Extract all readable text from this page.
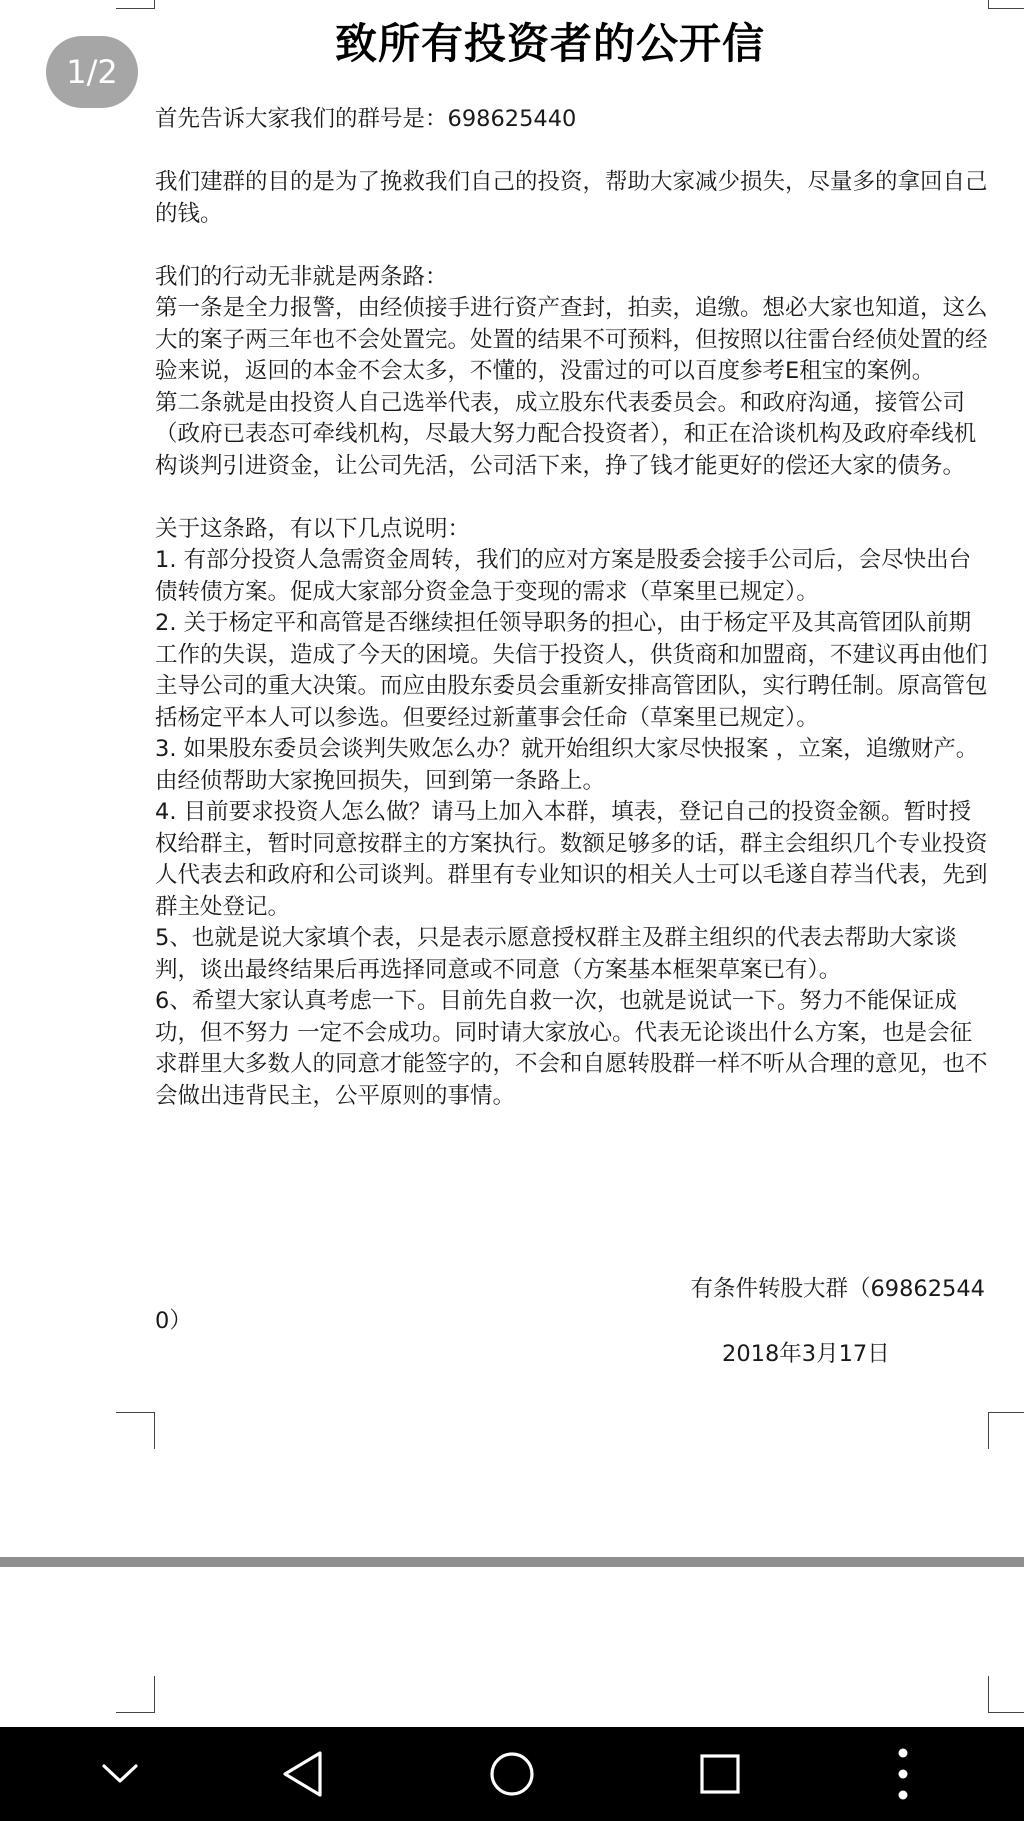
致所有投资者的公开信

首先告诉大家我们的群号是：698625440

我们建群的目的是为了挽救我们自己的投资，帮助大家减少损失，尽量多的拿回自己的钱。

我们的行动无非就是两条路：

第一条是全力报警，由经侦接手进行资产查封，拍卖，追缴。想必大家也知道，这么大的案子两三年也不会处置完。处置的结果不可预料，但按照以往雷台经侦处置的经验来说，返回的本金不会太多，不懂的，没雷过的可以百度参考E租宝的案例。

第二条就是由投资人自己选举代表，成立股东代表委员会。和政府沟通，接管公司（政府已表态可牵线机构，尽最大努力配合投资者），和正在洽谈机构及政府牵线机构谈判引进资金，让公司先活，公司活下来，挣了钱才能更好的偿还大家的债务。

关于这条路，有以下几点说明：

1. 有部分投资人急需资金周转，我们的应对方案是股委会接手公司后，会尽快出台债转债方案。促成大家部分资金急于变现的需求（草案里已规定）。

2. 关于杨定平和高管是否继续担任领导职务的担心，由于杨定平及其高管团队前期工作的失误，造成了今天的困境。失信于投资人，供货商和加盟商，不建议再由他们主导公司的重大决策。而应由股东委员会重新安排高管团队，实行聘任制。原高管包括杨定平本人可以参选。但要经过新董事会任命（草案里已规定）。

3. 如果股东委员会谈判失败怎么办？就开始组织大家尽快报案 ，立案，追缴财产。由经侦帮助大家挽回损失，回到第一条路上。

4. 目前要求投资人怎么做？请马上加入本群，填表，登记自己的投资金额。暂时授权给群主，暂时同意按群主的方案执行。数额足够多的话，群主会组织几个专业投资人代表去和政府和公司谈判。群里有专业知识的相关人士可以毛遂自荐当代表，先到群主处登记。

5、也就是说大家填个表，只是表示愿意授权群主及群主组织的代表去帮助大家谈判，谈出最终结果后再选择同意或不同意（方案基本框架草案已有）。

6、希望大家认真考虑一下。目前先自救一次，也就是说试一下。努力不能保证成功，但不努力 一定不会成功。同时请大家放心。代表无论谈出什么方案，也是会征求群里大多数人的同意才能签字的，不会和自愿转股群一样不听从合理的意见，也不会做出违背民主，公平原则的事情。

有条件转股大群（69862544
0）
2018年3月17日
1/2
